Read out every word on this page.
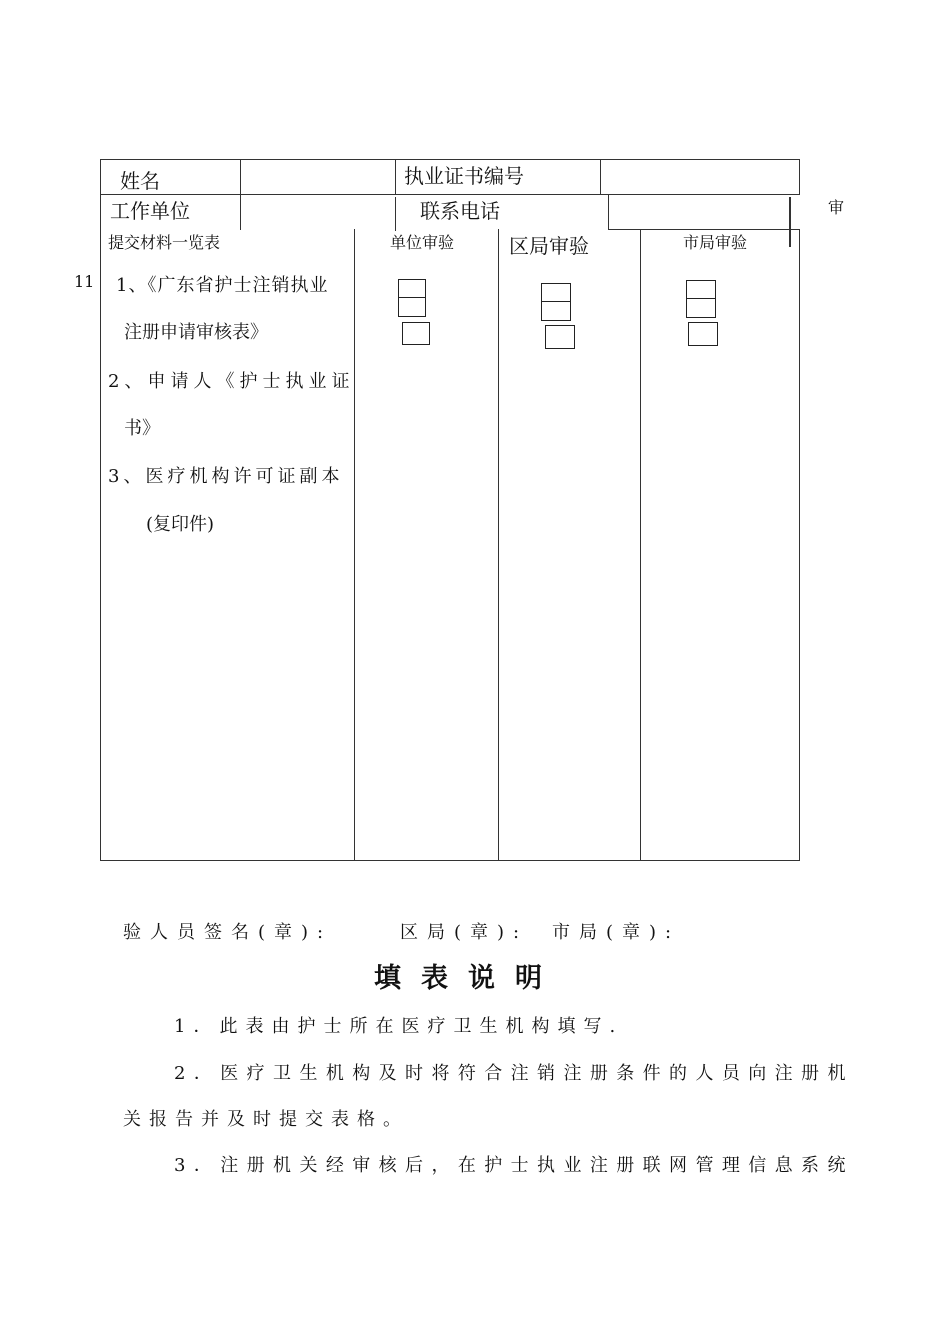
姓名	执业证书编号
工作单位	联系电话	审
11
提交材料一览表	单位审验	区局审验	市局审验
1、《广东省护士注销执业
注册申请审核表》
2、申请人《护士执业证
书》
3、医疗机构许可证副本
(复印件)
验人员签名(章):	区局(章): 市局(章):
填表说明
1．此表由护士所在医疗卫生机构填写.
2．医疗卫生机构及时将符合注销注册条件的人员向注册机
关报告并及时提交表格。
3．注册机关经审核后，在护士执业注册联网管理信息系统
